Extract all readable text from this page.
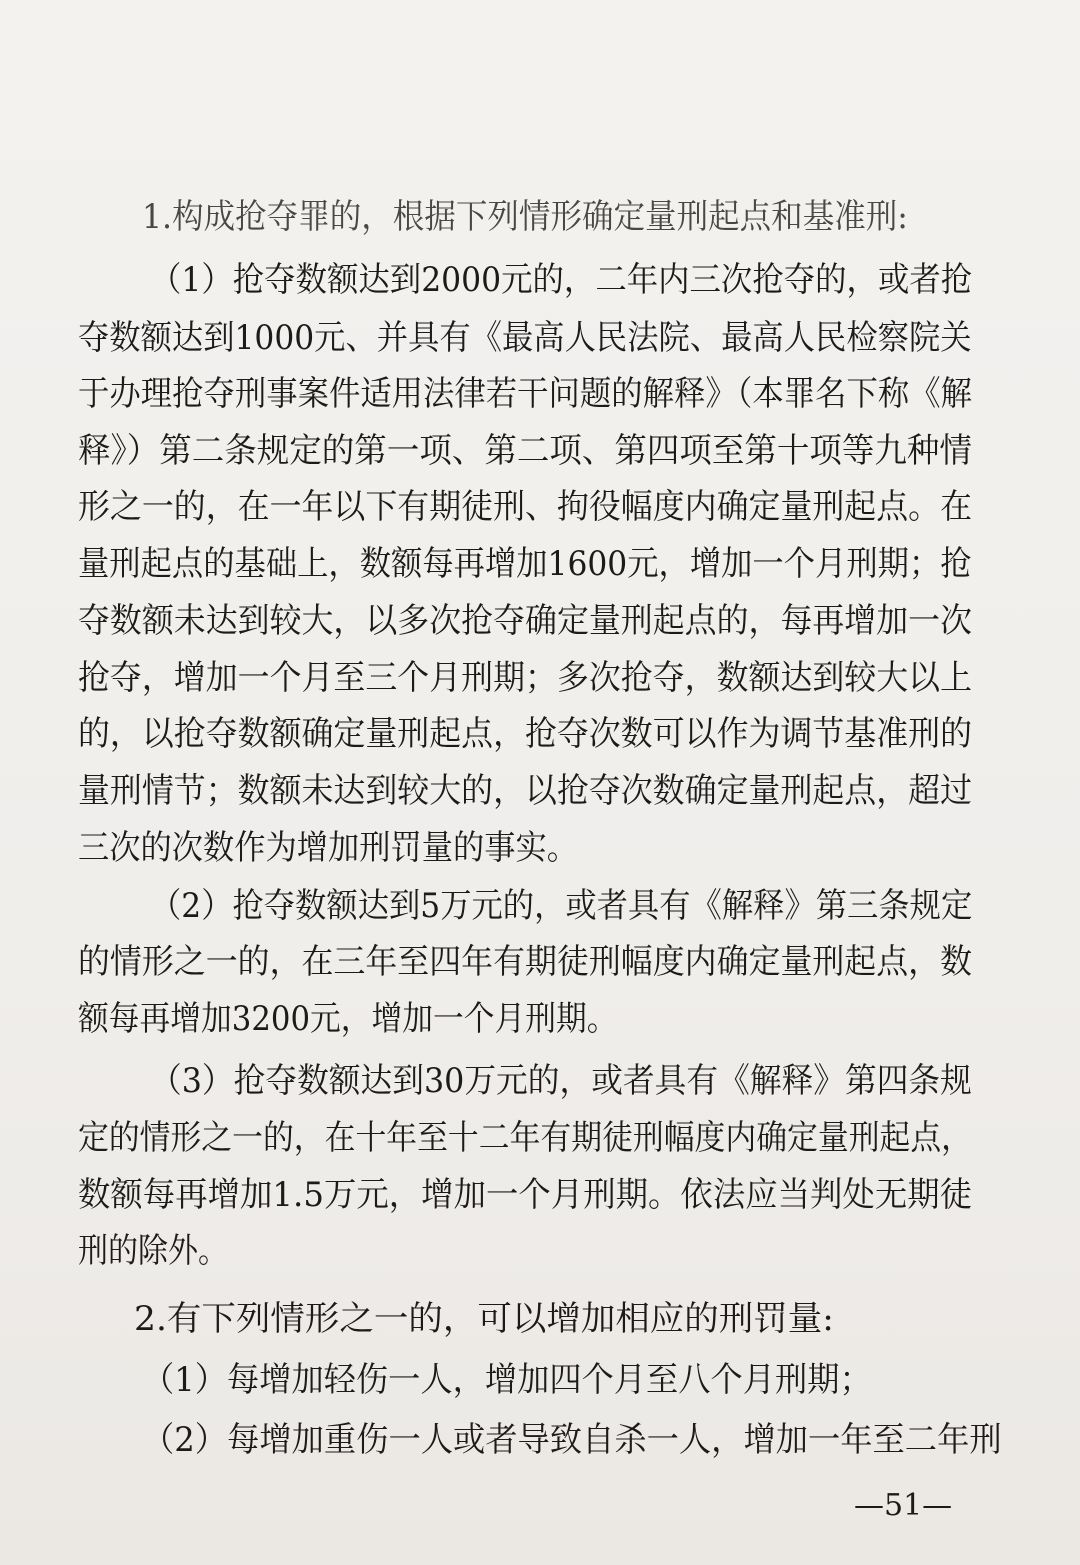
1.构成抢夺罪的，根据下列情形确定量刑起点和基准刑:
（1）抢夺数额达到2000元的，二年内三次抢夺的，或者抢
夺数额达到1000元、并具有《最高人民法院、最高人民检察院关
于办理抢夺刑事案件适用法律若干问题的解释》（本罪名下称《解
释》）第二条规定的第一项、第二项、第四项至第十项等九种情
形之一的，在一年以下有期徒刑、拘役幅度内确定量刑起点。在
量刑起点的基础上，数额每再增加1600元，增加一个月刑期；抢
夺数额未达到较大，以多次抢夺确定量刑起点的，每再增加一次
抢夺，增加一个月至三个月刑期；多次抢夺，数额达到较大以上
的，以抢夺数额确定量刑起点，抢夺次数可以作为调节基准刑的
量刑情节；数额未达到较大的，以抢夺次数确定量刑起点，超过
三次的次数作为增加刑罚量的事实。
（2）抢夺数额达到5万元的，或者具有《解释》第三条规定
的情形之一的，在三年至四年有期徒刑幅度内确定量刑起点，数
额每再增加3200元，增加一个月刑期。
（3）抢夺数额达到30万元的，或者具有《解释》第四条规
定的情形之一的，在十年至十二年有期徒刑幅度内确定量刑起点，
数额每再增加1.5万元，增加一个月刑期。依法应当判处无期徒
刑的除外。
2.有下列情形之一的，可以增加相应的刑罚量:
（1）每增加轻伤一人，增加四个月至八个月刑期；
（2）每增加重伤一人或者导致自杀一人，增加一年至二年刑
—51—
